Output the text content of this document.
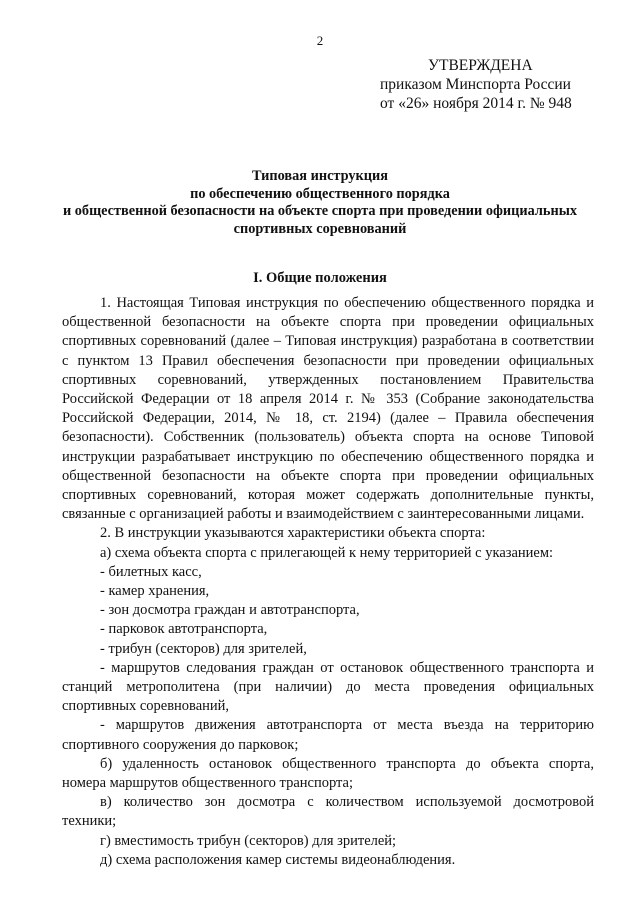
2
УТВЕРЖДЕНА
приказом Минспорта России
от «26» ноября 2014 г. № 948
Типовая инструкция
по обеспечению общественного порядка
и общественной безопасности на объекте спорта при проведении официальных
спортивных соревнований
I. Общие положения

1. Настоящая Типовая инструкция по обеспечению общественного порядка и

общественной безопасности на объекте спорта при проведении официальных

спортивных соревнований (далее – Типовая инструкция) разработана в соответствии

с пунктом 13 Правил обеспечения безопасности при проведении официальных

спортивных соревнований, утвержденных постановлением Правительства

Российской Федерации от 18 апреля 2014 г. № 353 (Собрание законодательства

Российской Федерации, 2014, № 18, ст. 2194) (далее – Правила обеспечения

безопасности). Собственник (пользователь) объекта спорта на основе Типовой

инструкции разрабатывает инструкцию по обеспечению общественного порядка и

общественной безопасности на объекте спорта при проведении официальных

спортивных соревнований, которая может содержать дополнительные пункты,

связанные с организацией работы и взаимодействием с заинтересованными лицами.

2. В инструкции указываются характеристики объекта спорта:

а) схема объекта спорта с прилегающей к нему территорией с указанием:

- билетных касс,

- камер хранения,

- зон досмотра граждан и автотранспорта,

- парковок автотранспорта,

- трибун (секторов) для зрителей,

- маршрутов следования граждан от остановок общественного транспорта и

станций метрополитена (при наличии) до места проведения официальных

спортивных соревнований,

- маршрутов движения автотранспорта от места въезда на территорию

спортивного сооружения до парковок;

б) удаленность остановок общественного транспорта до объекта спорта,

номера маршрутов общественного транспорта;

в) количество зон досмотра с количеством используемой досмотровой

техники;

г) вместимость трибун (секторов) для зрителей;

д) схема расположения камер системы видеонаблюдения.
